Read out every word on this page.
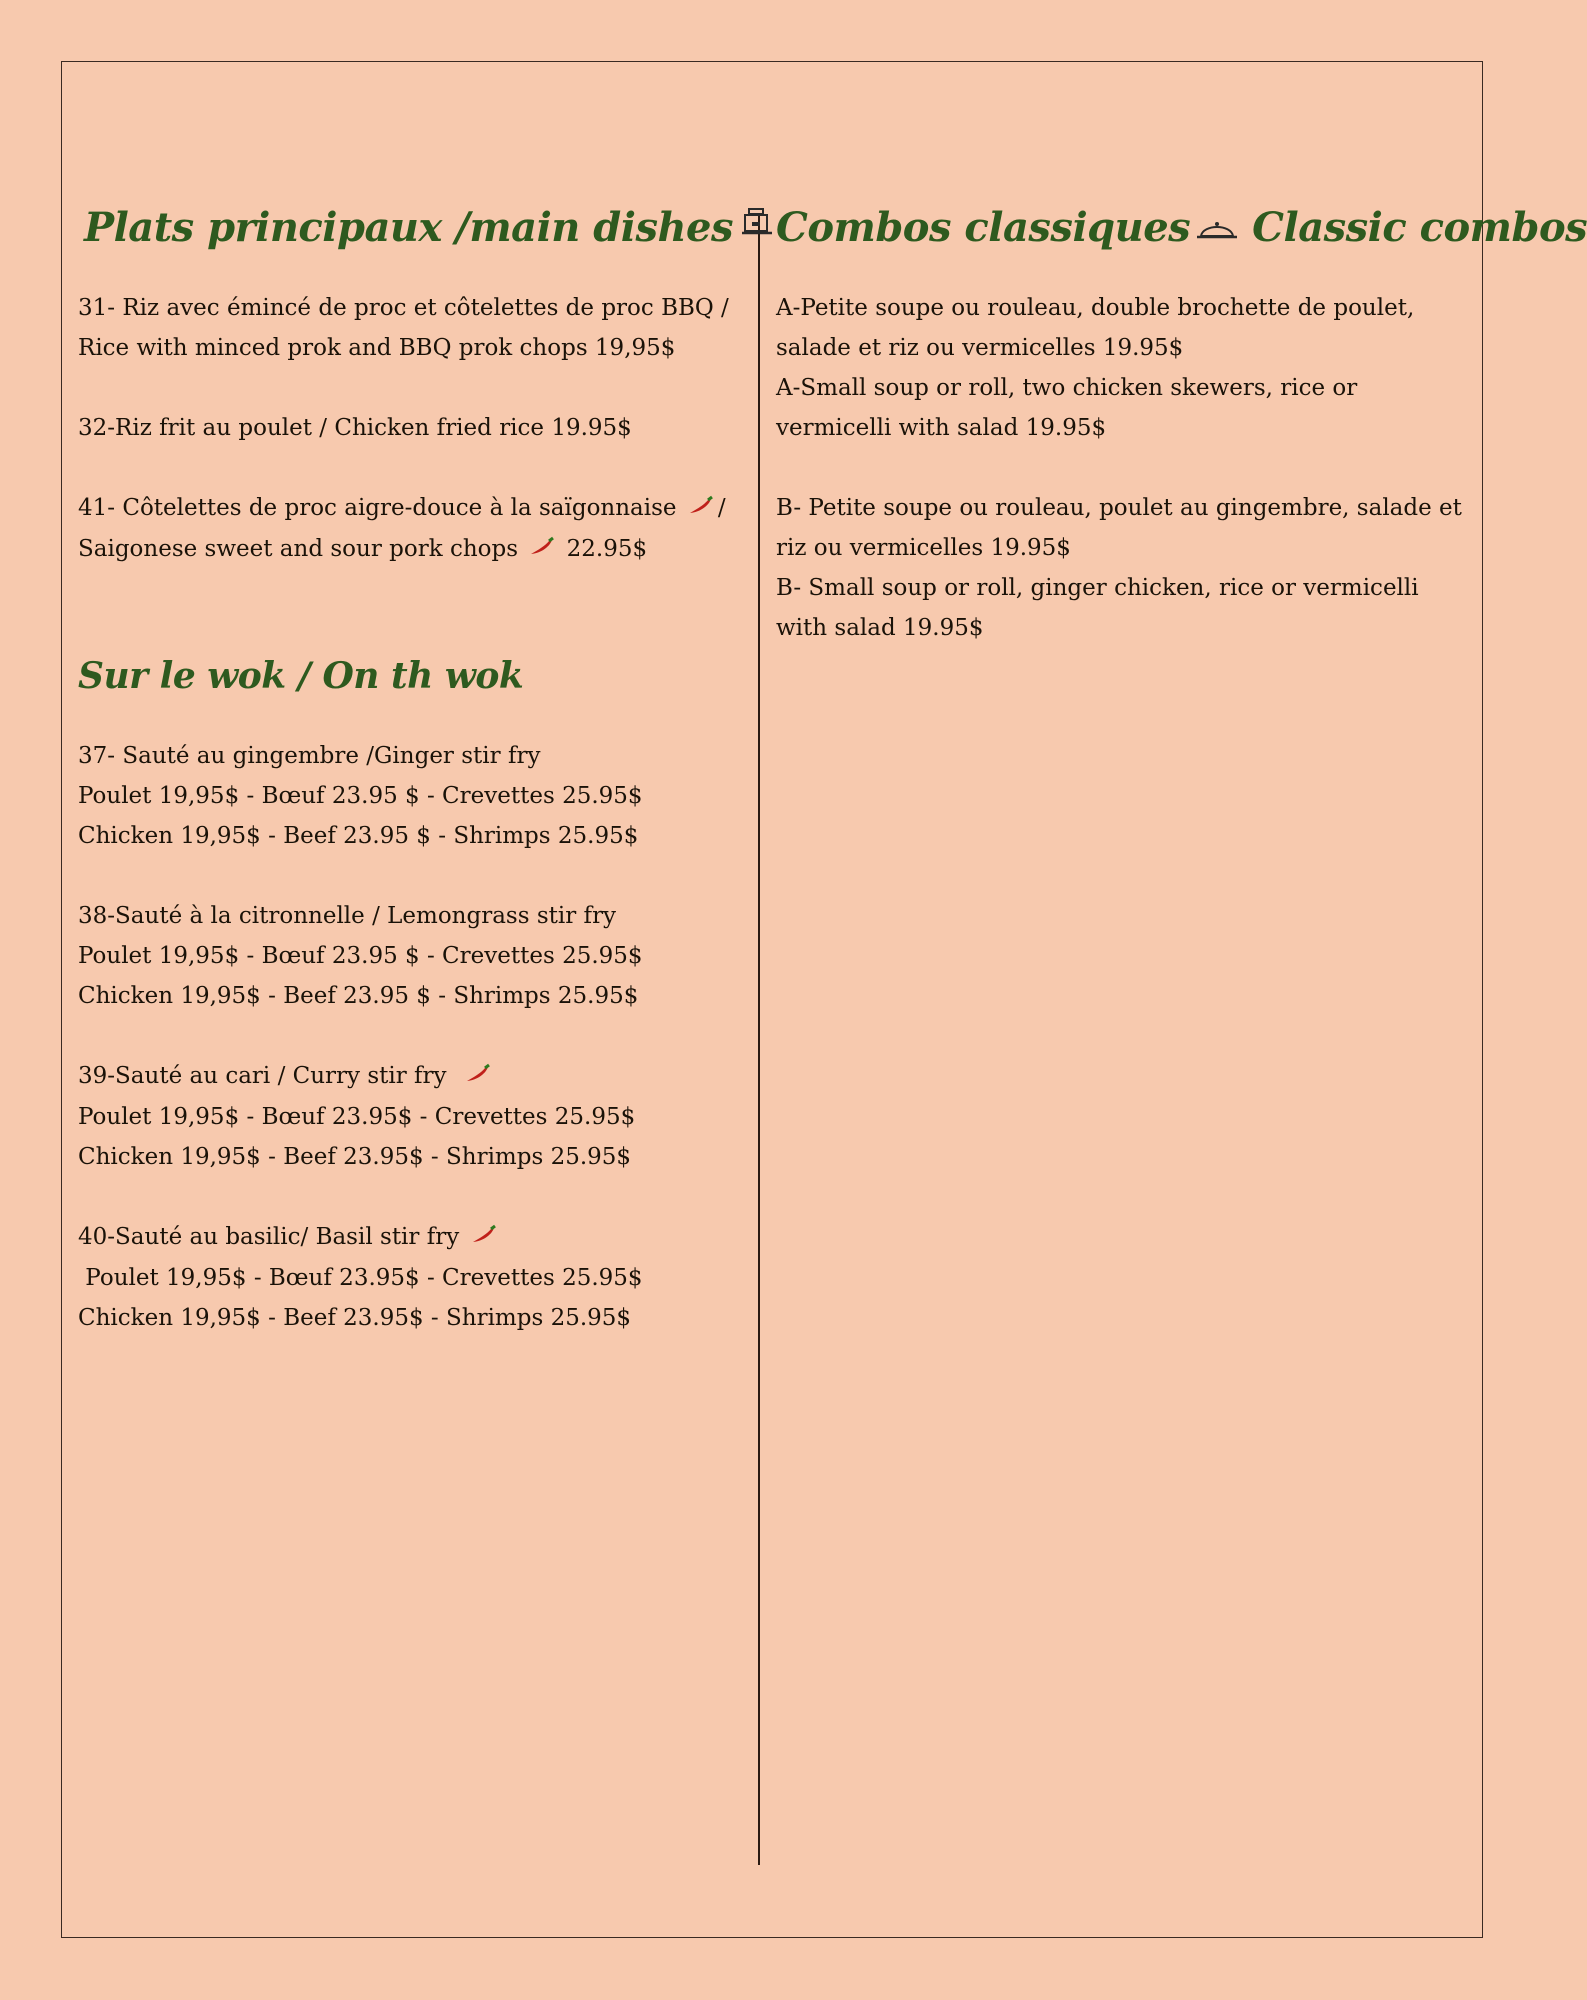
Plats principaux /main dishes

31- Riz avec émincé de proc et côtelettes de proc BBQ /
Rice with minced prok and BBQ prok chops 19,95$

32-Riz frit au poulet / Chicken fried rice 19.95$

41- Côtelettes de proc aigre-douce à la saïgonnaise /
Saigonese sweet and sour pork chops 22.95$

Sur le wok / On th wok

37- Sauté au gingembre /Ginger stir fry
Poulet 19,95$ - Bœuf 23.95 $ - Crevettes 25.95$
Chicken 19,95$ - Beef 23.95 $ - Shrimps 25.95$

38-Sauté à la citronnelle / Lemongrass stir fry
Poulet 19,95$ - Bœuf 23.95 $ - Crevettes 25.95$
Chicken 19,95$ - Beef 23.95 $ - Shrimps 25.95$

39-Sauté au cari / Curry stir fry
Poulet 19,95$ - Bœuf 23.95$ - Crevettes 25.95$
Chicken 19,95$ - Beef 23.95$ - Shrimps 25.95$

40-Sauté au basilic/ Basil stir fry
Poulet 19,95$ - Bœuf 23.95$ - Crevettes 25.95$
Chicken 19,95$ - Beef 23.95$ - Shrimps 25.95$

Combos classiques Classic combos

A-Petite soupe ou rouleau, double brochette de poulet,
salade et riz ou vermicelles 19.95$
A-Small soup or roll, two chicken skewers, rice or
vermicelli with salad 19.95$

B- Petite soupe ou rouleau, poulet au gingembre, salade et
riz ou vermicelles 19.95$
B- Small soup or roll, ginger chicken, rice or vermicelli
with salad 19.95$
